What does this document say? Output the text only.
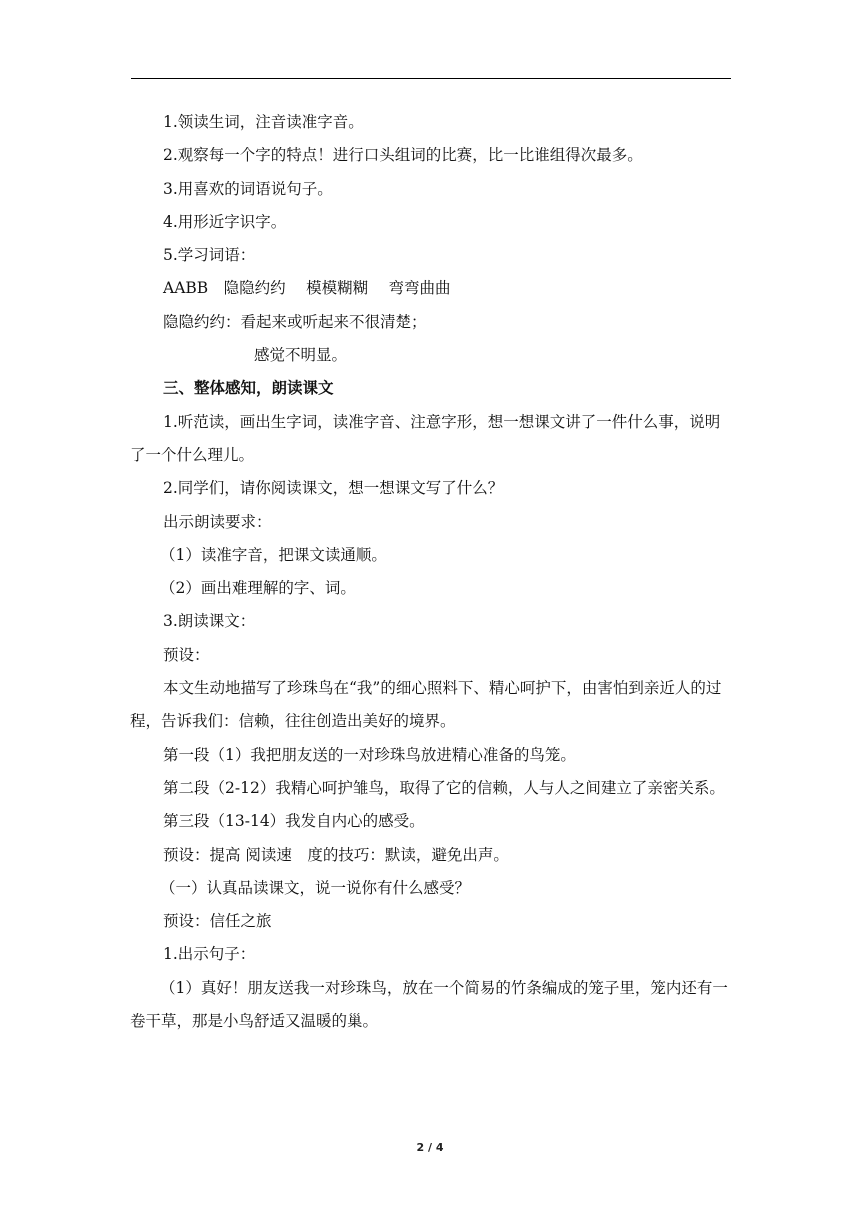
1.领读生词，注音读准字音。

2.观察每一个字的特点！进行口头组词的比赛，比一比谁组得次最多。

3.用喜欢的词语说句子。

4.用形近字识字。

5.学习词语：

AABB　隐隐约约　 模模糊糊　 弯弯曲曲

隐隐约约：看起来或听起来不很清楚；

感觉不明显。

三、整体感知，朗读课文

1.听范读，画出生字词，读准字音、注意字形，想一想课文讲了一件什么事，说明了一个什么理儿。

2.同学们，请你阅读课文，想一想课文写了什么？

出示朗读要求：

（1）读准字音，把课文读通顺。

（2）画出难理解的字、词。

3.朗读课文：

预设：

本文生动地描写了珍珠鸟在“我”的细心照料下、精心呵护下，由害怕到亲近人的过程，告诉我们：信赖，往往创造出美好的境界。

第一段（1）我把朋友送的一对珍珠鸟放进精心准备的鸟笼。

第二段（2-12）我精心呵护雏鸟，取得了它的信赖，人与人之间建立了亲密关系。

第三段（13-14）我发自内心的感受。

预设：提高 阅读速　度的技巧：默读，避免出声。

（一）认真品读课文，说一说你有什么感受？

预设：信任之旅

1.出示句子：

（1）真好！朋友送我一对珍珠鸟，放在一个简易的竹条编成的笼子里，笼内还有一卷干草，那是小鸟舒适又温暖的巢。

2 / 4
